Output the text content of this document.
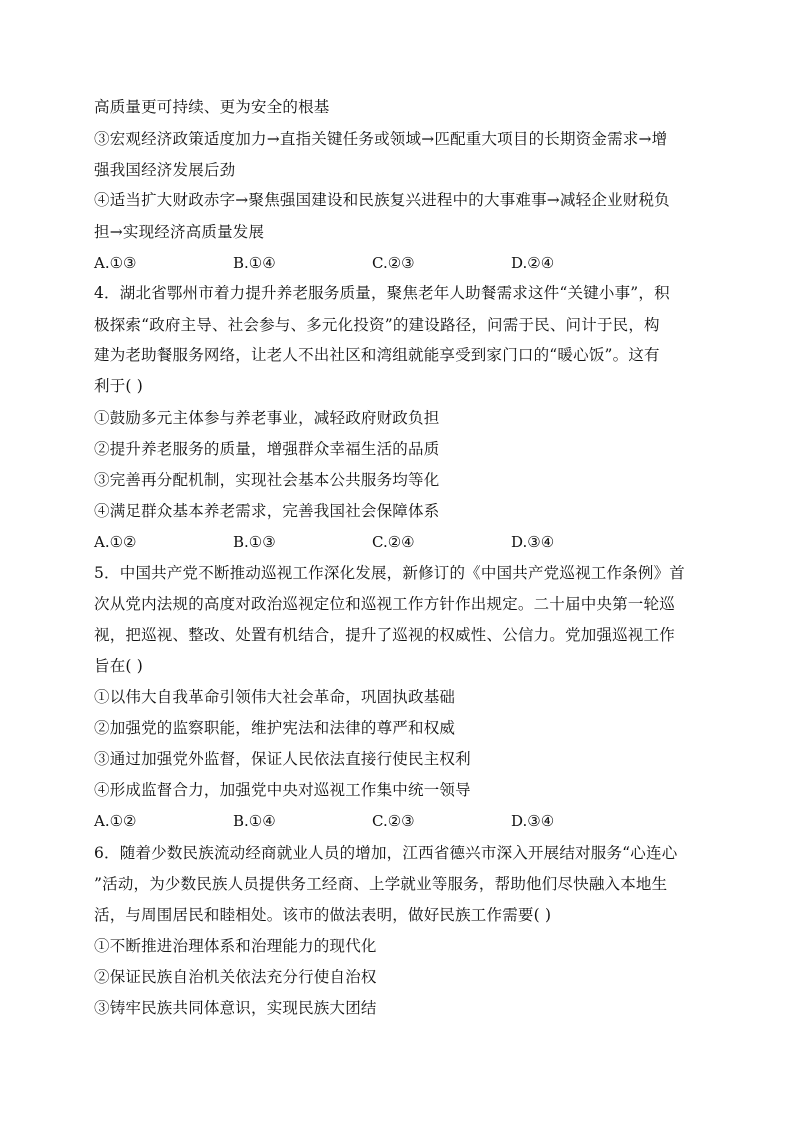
高质量更可持续、更为安全的根基
③宏观经济政策适度加力→直指关键任务或领域→匹配重大项目的长期资金需求→增
强我国经济发展后劲
④适当扩大财政赤字→聚焦强国建设和民族复兴进程中的大事难事→减轻企业财税负
担→实现经济高质量发展
A.①③	B.①④	C.②③	D.②④
4．湖北省鄂州市着力提升养老服务质量，聚焦老年人助餐需求这件“关键小事”，积
极探索“政府主导、社会参与、多元化投资”的建设路径，问需于民、问计于民，构
建为老助餐服务网络，让老人不出社区和湾组就能享受到家门口的“暖心饭”。这有
利于( )
①鼓励多元主体参与养老事业，减轻政府财政负担
②提升养老服务的质量，增强群众幸福生活的品质
③完善再分配机制，实现社会基本公共服务均等化
④满足群众基本养老需求，完善我国社会保障体系
A.①②	B.①③	C.②④	D.③④
5．中国共产党不断推动巡视工作深化发展，新修订的《中国共产党巡视工作条例》首
次从党内法规的高度对政治巡视定位和巡视工作方针作出规定。二十届中央第一轮巡
视，把巡视、整改、处置有机结合，提升了巡视的权威性、公信力。党加强巡视工作
旨在( )
①以伟大自我革命引领伟大社会革命，巩固执政基础
②加强党的监察职能，维护宪法和法律的尊严和权威
③通过加强党外监督，保证人民依法直接行使民主权利
④形成监督合力，加强党中央对巡视工作集中统一领导
A.①②	B.①④	C.②③	D.③④
6．随着少数民族流动经商就业人员的增加，江西省德兴市深入开展结对服务“心连心
”活动，为少数民族人员提供务工经商、上学就业等服务，帮助他们尽快融入本地生
活，与周围居民和睦相处。该市的做法表明，做好民族工作需要( )
①不断推进治理体系和治理能力的现代化
②保证民族自治机关依法充分行使自治权
③铸牢民族共同体意识，实现民族大团结
